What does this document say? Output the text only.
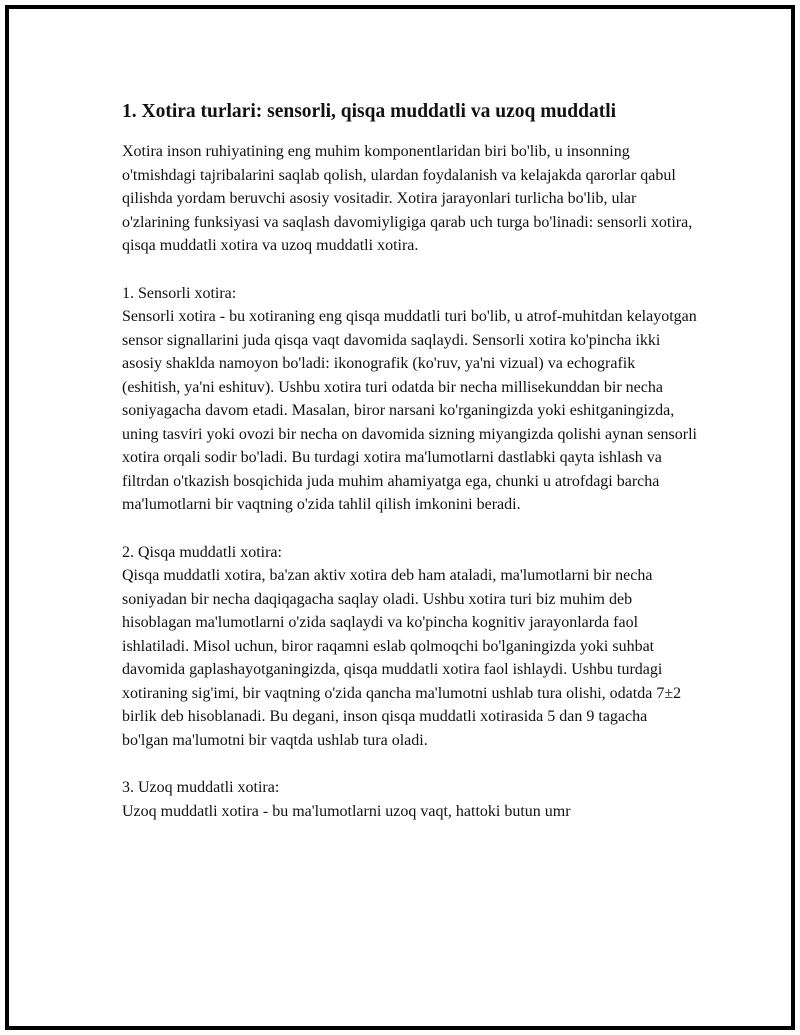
1. Xotira turlari: sensorli, qisqa muddatli va uzoq muddatli

Xotira inson ruhiyatining eng muhim komponentlaridan biri bo'lib, u insonning o'tmishdagi tajribalarini saqlab qolish, ulardan foydalanish va kelajakda qarorlar qabul qilishda yordam beruvchi asosiy vositadir. Xotira jarayonlari turlicha bo'lib, ular o'zlarining funksiyasi va saqlash davomiyligiga qarab uch turga bo'linadi: sensorli xotira, qisqa muddatli xotira va uzoq muddatli xotira.

1. Sensorli xotira:

Sensorli xotira - bu xotiraning eng qisqa muddatli turi bo'lib, u atrof-muhitdan kelayotgan sensor signallarini juda qisqa vaqt davomida saqlaydi. Sensorli xotira ko'pincha ikki asosiy shaklda namoyon bo'ladi: ikonografik (ko'ruv, ya'ni vizual) va echografik (eshitish, ya'ni eshituv). Ushbu xotira turi odatda bir necha millisekunddan bir necha soniyagacha davom etadi. Masalan, biror narsani ko'rganingizda yoki eshitganingizda, uning tasviri yoki ovozi bir necha on davomida sizning miyangizda qolishi aynan sensorli xotira orqali sodir bo'ladi. Bu turdagi xotira ma'lumotlarni dastlabki qayta ishlash va filtrdan o'tkazish bosqichida juda muhim ahamiyatga ega, chunki u atrofdagi barcha ma'lumotlarni bir vaqtning o'zida tahlil qilish imkonini beradi.

2. Qisqa muddatli xotira:

Qisqa muddatli xotira, ba'zan aktiv xotira deb ham ataladi, ma'lumotlarni bir necha soniyadan bir necha daqiqagacha saqlay oladi. Ushbu xotira turi biz muhim deb hisoblagan ma'lumotlarni o'zida saqlaydi va ko'pincha kognitiv jarayonlarda faol ishlatiladi. Misol uchun, biror raqamni eslab qolmoqchi bo'lganingizda yoki suhbat davomida gaplashayotganingizda, qisqa muddatli xotira faol ishlaydi. Ushbu turdagi xotiraning sig'imi, bir vaqtning o'zida qancha ma'lumotni ushlab tura olishi, odatda 7±2 birlik deb hisoblanadi. Bu degani, inson qisqa muddatli xotirasida 5 dan 9 tagacha bo'lgan ma'lumotni bir vaqtda ushlab tura oladi.

3. Uzoq muddatli xotira:

Uzoq muddatli xotira - bu ma'lumotlarni uzoq vaqt, hattoki butun umr
